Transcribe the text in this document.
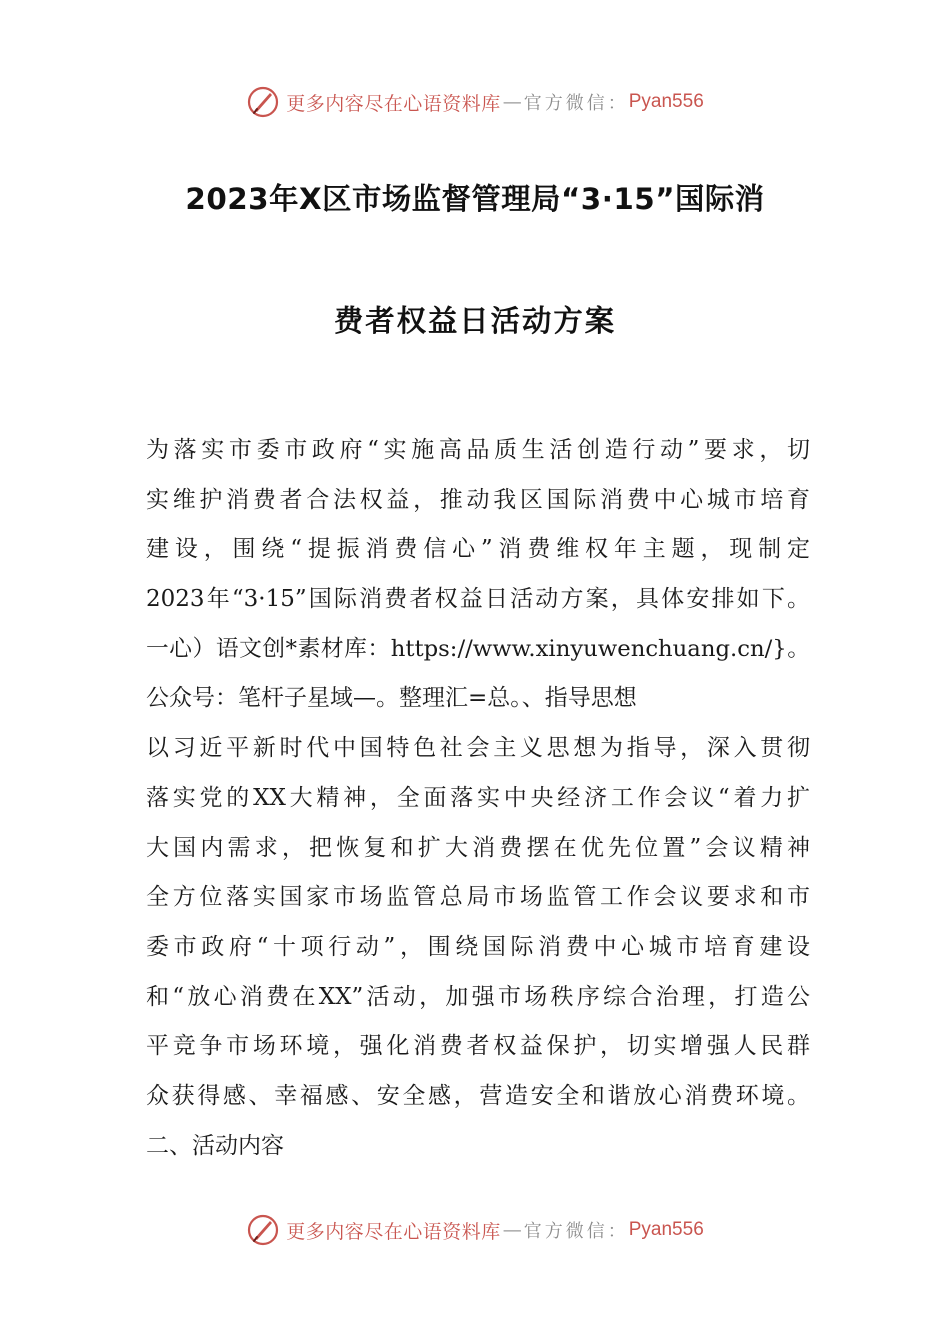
更多内容尽在心语资料库 — 官方微信： Pyan556
2023年X区市场监督管理局“3·15”国际消
费者权益日活动方案
为落实市委市政府“实施高品质生活创造行动”要求，切
实维护消费者合法权益，推动我区国际消费中心城市培育
建设，围绕“提振消费信心”消费维权年主题，现制定
2023年“3·15”国际消费者权益日活动方案，具体安排如下。
一心）语文创*素材库：https://www.xinyuwenchuang.cn/}。
公众号：笔杆子星域—。整理汇=总。、指导思想
以习近平新时代中国特色社会主义思想为指导，深入贯彻
落实党的XX大精神，全面落实中央经济工作会议“着力扩
大国内需求，把恢复和扩大消费摆在优先位置”会议精神
全方位落实国家市场监管总局市场监管工作会议要求和市
委市政府“十项行动”，围绕国际消费中心城市培育建设
和“放心消费在XX”活动，加强市场秩序综合治理，打造公
平竞争市场环境，强化消费者权益保护，切实增强人民群
众获得感、幸福感、安全感，营造安全和谐放心消费环境。
二、活动内容
更多内容尽在心语资料库 — 官方微信： Pyan556
